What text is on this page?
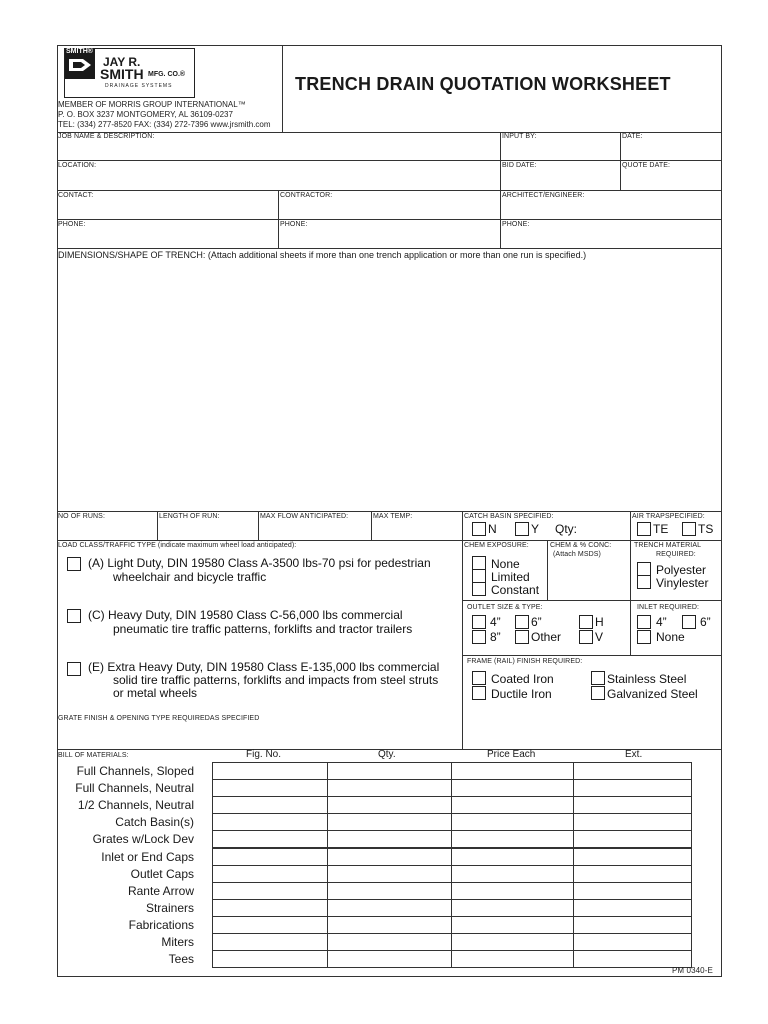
SMITH®
JAY R.
SMITH MFG. CO.®
DRAINAGE SYSTEMS
MEMBER OF MORRIS GROUP INTERNATIONAL™
P. O. BOX 3237 MONTGOMERY, AL 36109-0237
TEL: (334) 277-8520 FAX: (334) 272-7396 www.jrsmith.com
TRENCH DRAIN QUOTATION WORKSHEET
JOB NAME & DESCRIPTION:	INPUT BY:	DATE:
LOCATION:	BID DATE:	QUOTE DATE:
CONTACT:	CONTRACTOR:	ARCHITECT/ENGINEER:
PHONE:	PHONE:	PHONE:
DIMENSIONS/SHAPE OF TRENCH: (Attach additional sheets if more than one trench application or more than one run is specified.)
NO OF RUNS:	LENGTH OF RUN:	MAX FLOW ANTICIPATED:	MAX TEMP:	CATCH BASIN SPECIFIED:
N	Y Qty:
AIR TRAPSPECIFIED:
TE TS
LOAD CLASS/TRAFFIC TYPE (indicate maximum wheel load anticipated):
(A) Light Duty, DIN 19580 Class A-3500 lbs-70 psi for pedestrian
wheelchair and bicycle traffic
(C) Heavy Duty, DIN 19580 Class C-56,000 lbs commercial
pneumatic tire traffic patterns, forklifts and tractor trailers
(E) Extra Heavy Duty, DIN 19580 Class E-135,000 lbs commercial
solid tire traffic patterns, forklifts and impacts from steel struts
or metal wheels
GRATE FINISH & OPENING TYPE REQUIREDAS SPECIFIED
CHEM EXPOSURE:
None
Limited
Constant
CHEM & % CONC:
(Attach MSDS)
TRENCH MATERIAL
REQUIRED:
Polyester
Vinylester
OUTLET SIZE & TYPE:
4”	6”	H
8”	Other	V
INLET REQUIRED:
4”	6”
None
FRAME (RAIL) FINISH REQUIRED:
Coated Iron	Stainless Steel
Ductile Iron	Galvanized Steel
BILL OF MATERIALS:	Fig. No.	Qty.	Price Each	Ext.
Full Channels, Sloped
Full Channels, Neutral
1/2 Channels, Neutral
Catch Basin(s)
Grates w/Lock Dev
Inlet or End Caps
Outlet Caps
Rante Arrow
Strainers
Fabrications
Miters
Tees
PM 0340-E
